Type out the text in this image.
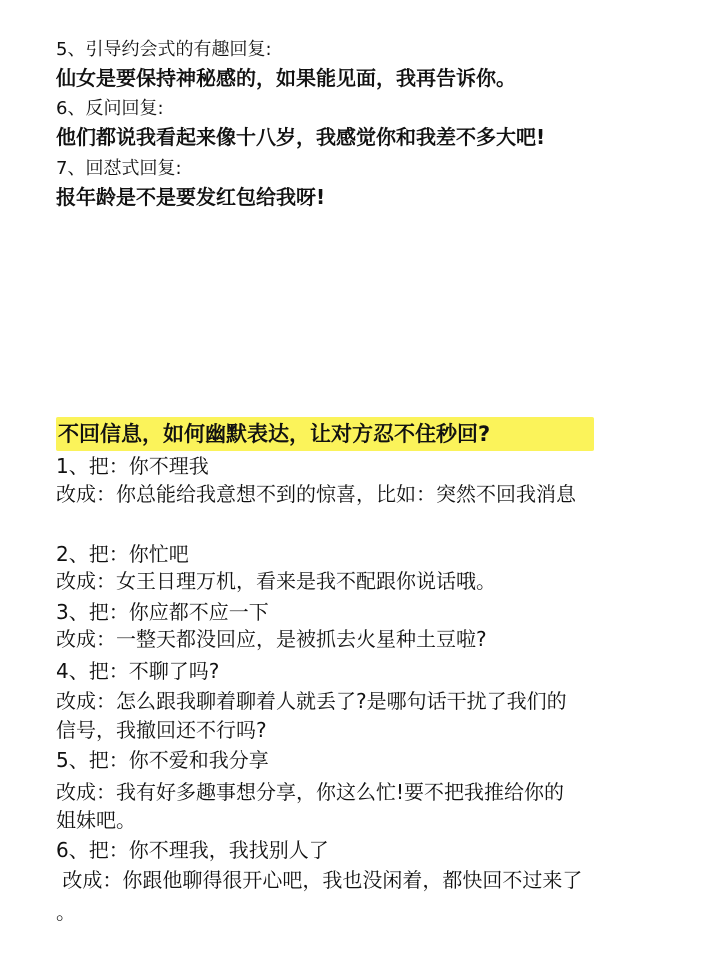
5、引导约会式的有趣回复:
仙女是要保持神秘感的，如果能见面，我再告诉你。
6、反问回复:
他们都说我看起来像十八岁，我感觉你和我差不多大吧!
7、回怼式回复:
报年龄是不是要发红包给我呀!
不回信息，如何幽默表达，让对方忍不住秒回?
1、把：你不理我
改成：你总能给我意想不到的惊喜，比如：突然不回我消息
2、把：你忙吧
改成：女王日理万机，看来是我不配跟你说话哦。
3、把：你应都不应一下
改成：一整天都没回应，是被抓去火星种土豆啦?
4、把：不聊了吗?
改成：怎么跟我聊着聊着人就丢了?是哪句话干扰了我们的
信号，我撤回还不行吗?
5、把：你不爱和我分享
改成：我有好多趣事想分享，你这么忙!要不把我推给你的
姐妹吧。
6、把：你不理我，我找别人了
改成：你跟他聊得很开心吧，我也没闲着，都快回不过来了
。
